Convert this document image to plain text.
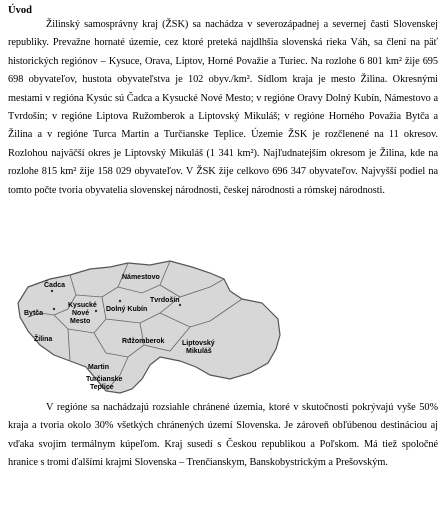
Úvod

Žilinský samosprávny kraj (ŽSK) sa nachádza v severozápadnej a severnej časti Slovenskej republiky. Prevažne hornaté územie, cez ktoré preteká najdlhšia slovenská rieka Váh, sa člení na päť historických regiónov – Kysuce, Orava, Liptov, Horné Považie a Turiec. Na rozlohe 6 801 km² žije 695 698 obyvateľov, hustota obyvateľstva je 102 obyv./km². Sídlom kraja je mesto Žilina. Okresnými mestami v regióna Kysúc sú Čadca a Kysucké Nové Mesto; v regióne Oravy Dolný Kubín, Námestovo a Tvrdošín; v regióne Liptova Ružomberok a Liptovský Mikuláš; v regióne Horného Považia Bytča a Žilina a v regióne Turca Martin a Turčianske Teplice. Územie ŽSK je rozčlenené na 11 okresov. Rozlohou najväčší okres je Liptovský Mikuláš (1 341 km²). Najľudnatejším okresom je Žilina, kde na rozlohe 815 km² žije 158 029 obyvateľov. V ŽSK žije celkovo 696 347 obyvateľov. Najvyšší podiel na tomto počte tvoria obyvatelia slovenskej národnosti, českej národnosti a rómskej národnosti.

Čadca
Námestovo
Kysucké
Nové
Mesto
Tvrdošín
Bytča
Dolný Kubín
Žilina	Ružomberok
Martin
Liptovský
Mikuláš
Turčianske
Teplice

V regióne sa nachádzajú rozsiahle chránené územia, ktoré v skutočnosti pokrývajú vyše 50% kraja a tvoria okolo 30% všetkých chránených území Slovenska. Je zároveň obľúbenou destináciou aj vďaka svojim termálnym kúpeľom. Kraj susedí s Českou republikou a Poľskom. Má tiež spoločné hranice s tromi ďalšími krajmi Slovenska – Trenčianskym, Banskobystrickým a Prešovským.
